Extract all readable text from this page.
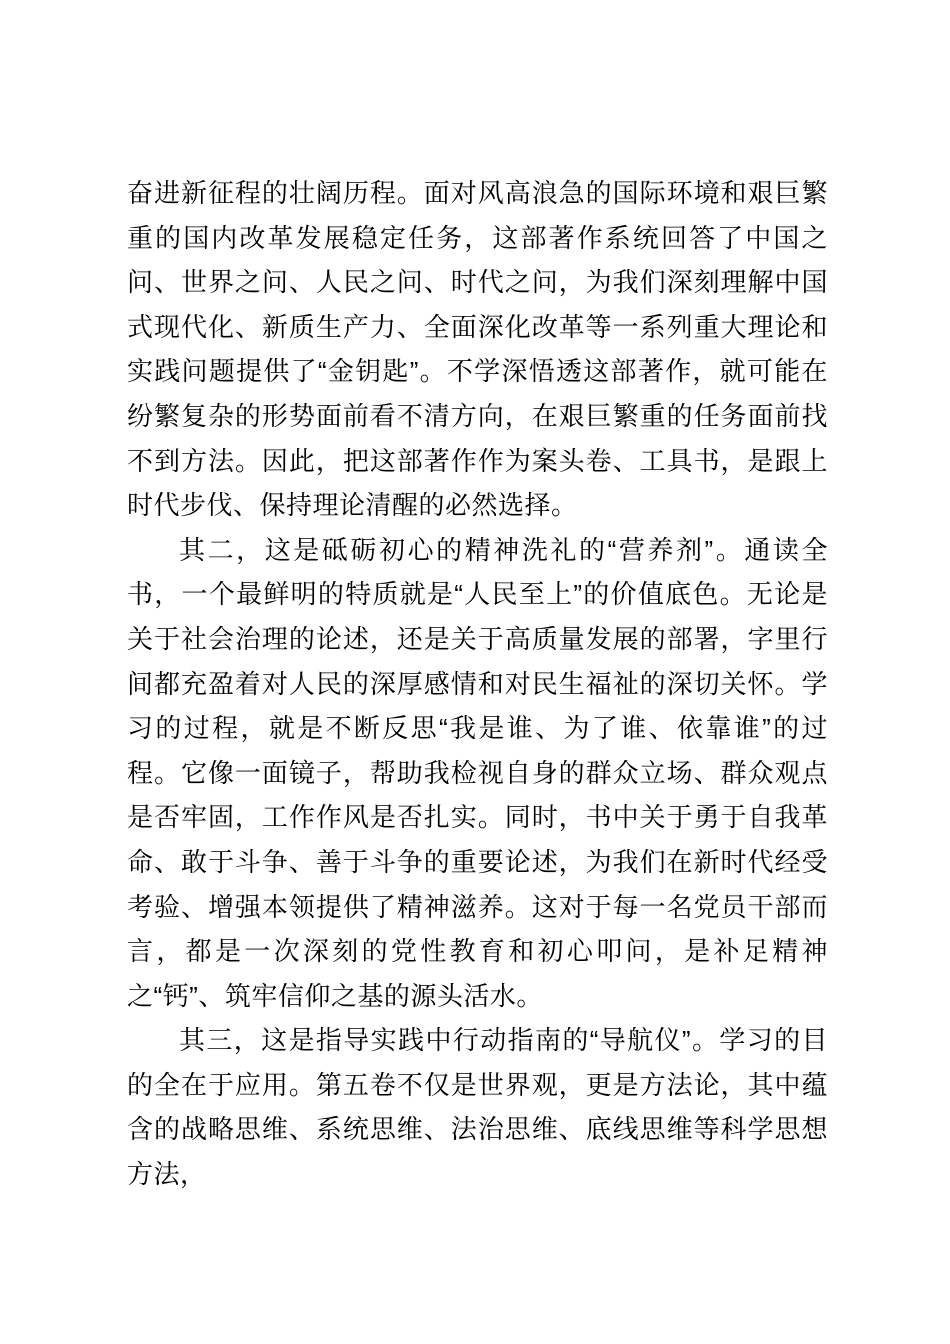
奋进新征程的壮阔历程。面对风高浪急的国际环境和艰巨繁重的国内改革发展稳定任务，这部著作系统回答了中国之问、世界之问、人民之问、时代之问，为我们深刻理解中国式现代化、新质生产力、全面深化改革等一系列重大理论和实践问题提供了“金钥匙”。不学深悟透这部著作，就可能在纷繁复杂的形势面前看不清方向，在艰巨繁重的任务面前找不到方法。因此，把这部著作作为案头卷、工具书，是跟上时代步伐、保持理论清醒的必然选择。

其二，这是砥砺初心的精神洗礼的“营养剂”。通读全书，一个最鲜明的特质就是“人民至上”的价值底色。无论是关于社会治理的论述，还是关于高质量发展的部署，字里行间都充盈着对人民的深厚感情和对民生福祉的深切关怀。学习的过程，就是不断反思“我是谁、为了谁、依靠谁”的过程。它像一面镜子，帮助我检视自身的群众立场、群众观点是否牢固，工作作风是否扎实。同时，书中关于勇于自我革命、敢于斗争、善于斗争的重要论述，为我们在新时代经受考验、增强本领提供了精神滋养。这对于每一名党员干部而言，都是一次深刻的党性教育和初心叩问，是补足精神之“钙”、筑牢信仰之基的源头活水。

其三，这是指导实践中行动指南的“导航仪”。学习的目的全在于应用。第五卷不仅是世界观，更是方法论，其中蕴含的战略思维、系统思维、法治思维、底线思维等科学思想方法，
